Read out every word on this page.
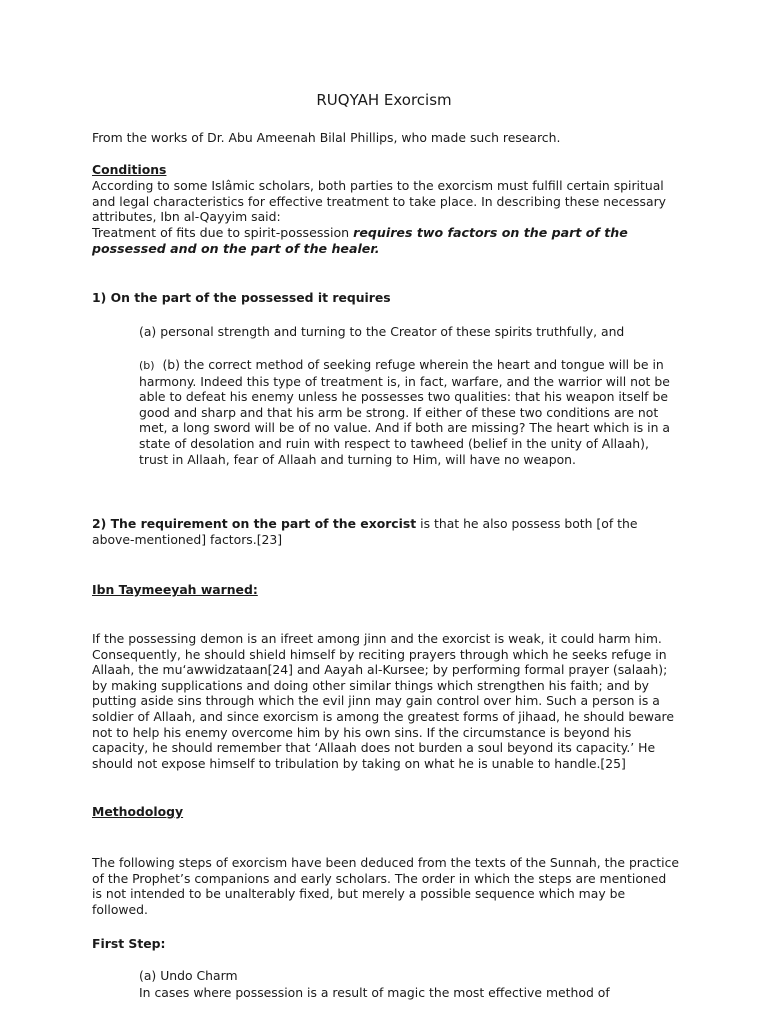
RUQYAH Exorcism
From the works of Dr. Abu Ameenah Bilal Phillips, who made such research.
Conditions
According to some Islâmic scholars, both parties to the exorcism must fulfill certain spiritual and legal characteristics for effective treatment to take place. In describing these necessary attributes, Ibn al-Qayyim said:
Treatment of fits due to spirit-possession requires two factors on the part of the possessed and on the part of the healer.
1) On the part of the possessed it requires
(a) personal strength and turning to the Creator of these spirits truthfully, and
(b) (b) the correct method of seeking refuge wherein the heart and tongue will be in harmony. Indeed this type of treatment is, in fact, warfare, and the warrior will not be able to defeat his enemy unless he possesses two qualities: that his weapon itself be good and sharp and that his arm be strong. If either of these two conditions are not met, a long sword will be of no value. And if both are missing? The heart which is in a state of desolation and ruin with respect to tawheed (belief in the unity of Allaah), trust in Allaah, fear of Allaah and turning to Him, will have no weapon.
2) The requirement on the part of the exorcist is that he also possess both [of the above-mentioned] factors.[23]
Ibn Taymeeyah warned:
If the possessing demon is an ifreet among jinn and the exorcist is weak, it could harm him. Consequently, he should shield himself by reciting prayers through which he seeks refuge in Allaah, the mu‘awwidzataan[24] and Aayah al-Kursee; by performing formal prayer (salaah); by making supplications and doing other similar things which strengthen his faith; and by putting aside sins through which the evil jinn may gain control over him. Such a person is a soldier of Allaah, and since exorcism is among the greatest forms of jihaad, he should beware not to help his enemy overcome him by his own sins. If the circumstance is beyond his capacity, he should remember that ‘Allaah does not burden a soul beyond its capacity.’ He should not expose himself to tribulation by taking on what he is unable to handle.[25]
Methodology
The following steps of exorcism have been deduced from the texts of the Sunnah, the practice of the Prophet’s companions and early scholars. The order in which the steps are mentioned is not intended to be unalterably fixed, but merely a possible sequence which may be followed.
First Step:
(a) Undo Charm
In cases where possession is a result of magic the most effective method of
